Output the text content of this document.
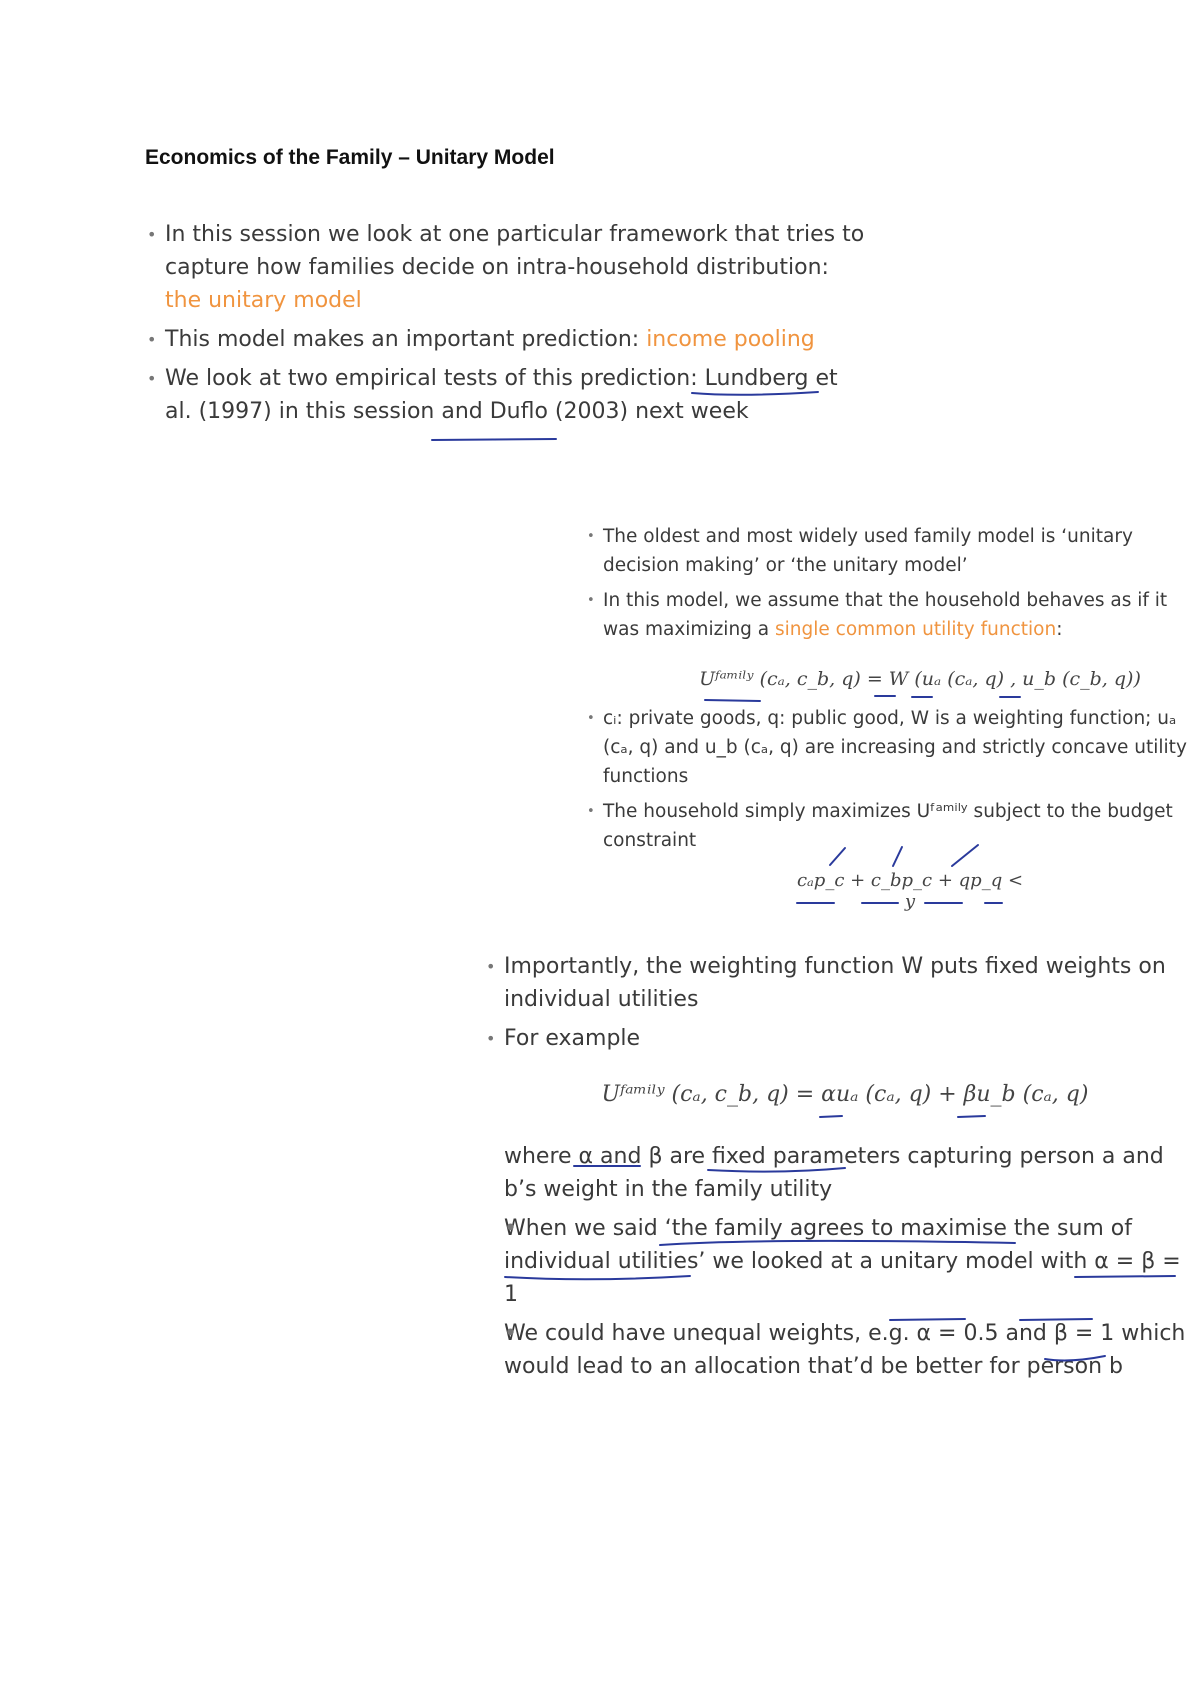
Economics of the Family – Unitary Model
• In this session we look at one particular framework that tries to capture how families decide on intra-household distribution:
the unitary model
• This model makes an important prediction: income pooling
• We look at two empirical tests of this prediction: Lundberg et al. (1997) in this session and Duflo (2003) next week
• The oldest and most widely used family model is ‘unitary decision making’ or ‘the unitary model’
• In this model, we assume that the household behaves as if it was maximizing a single common utility function:
• cᵢ: private goods, q: public good, W is a weighting function; uₐ (cₐ, q) and u_b (cₐ, q) are increasing and strictly concave utility functions
• The household simply maximizes Uᶠᵃᵐⁱˡʸ subject to the budget constraint
Uᶠᵃᵐⁱˡʸ (cₐ, c_b, q) = W (uₐ (cₐ, q) , u_b (c_b, q))
cₐp_c + c_bp_c + qp_q < y
• Importantly, the weighting function W puts fixed weights on individual utilities
• For example
Uᶠᵃᵐⁱˡʸ (cₐ, c_b, q) = αuₐ (cₐ, q) + βu_b (cₐ, q)
where α and β are fixed parameters capturing person a and b’s weight in the family utility
• When we said ‘the family agrees to maximise the sum of individual utilities’ we looked at a unitary model with α = β = 1
• We could have unequal weights, e.g. α = 0.5 and β = 1 which would lead to an allocation that’d be better for person b
